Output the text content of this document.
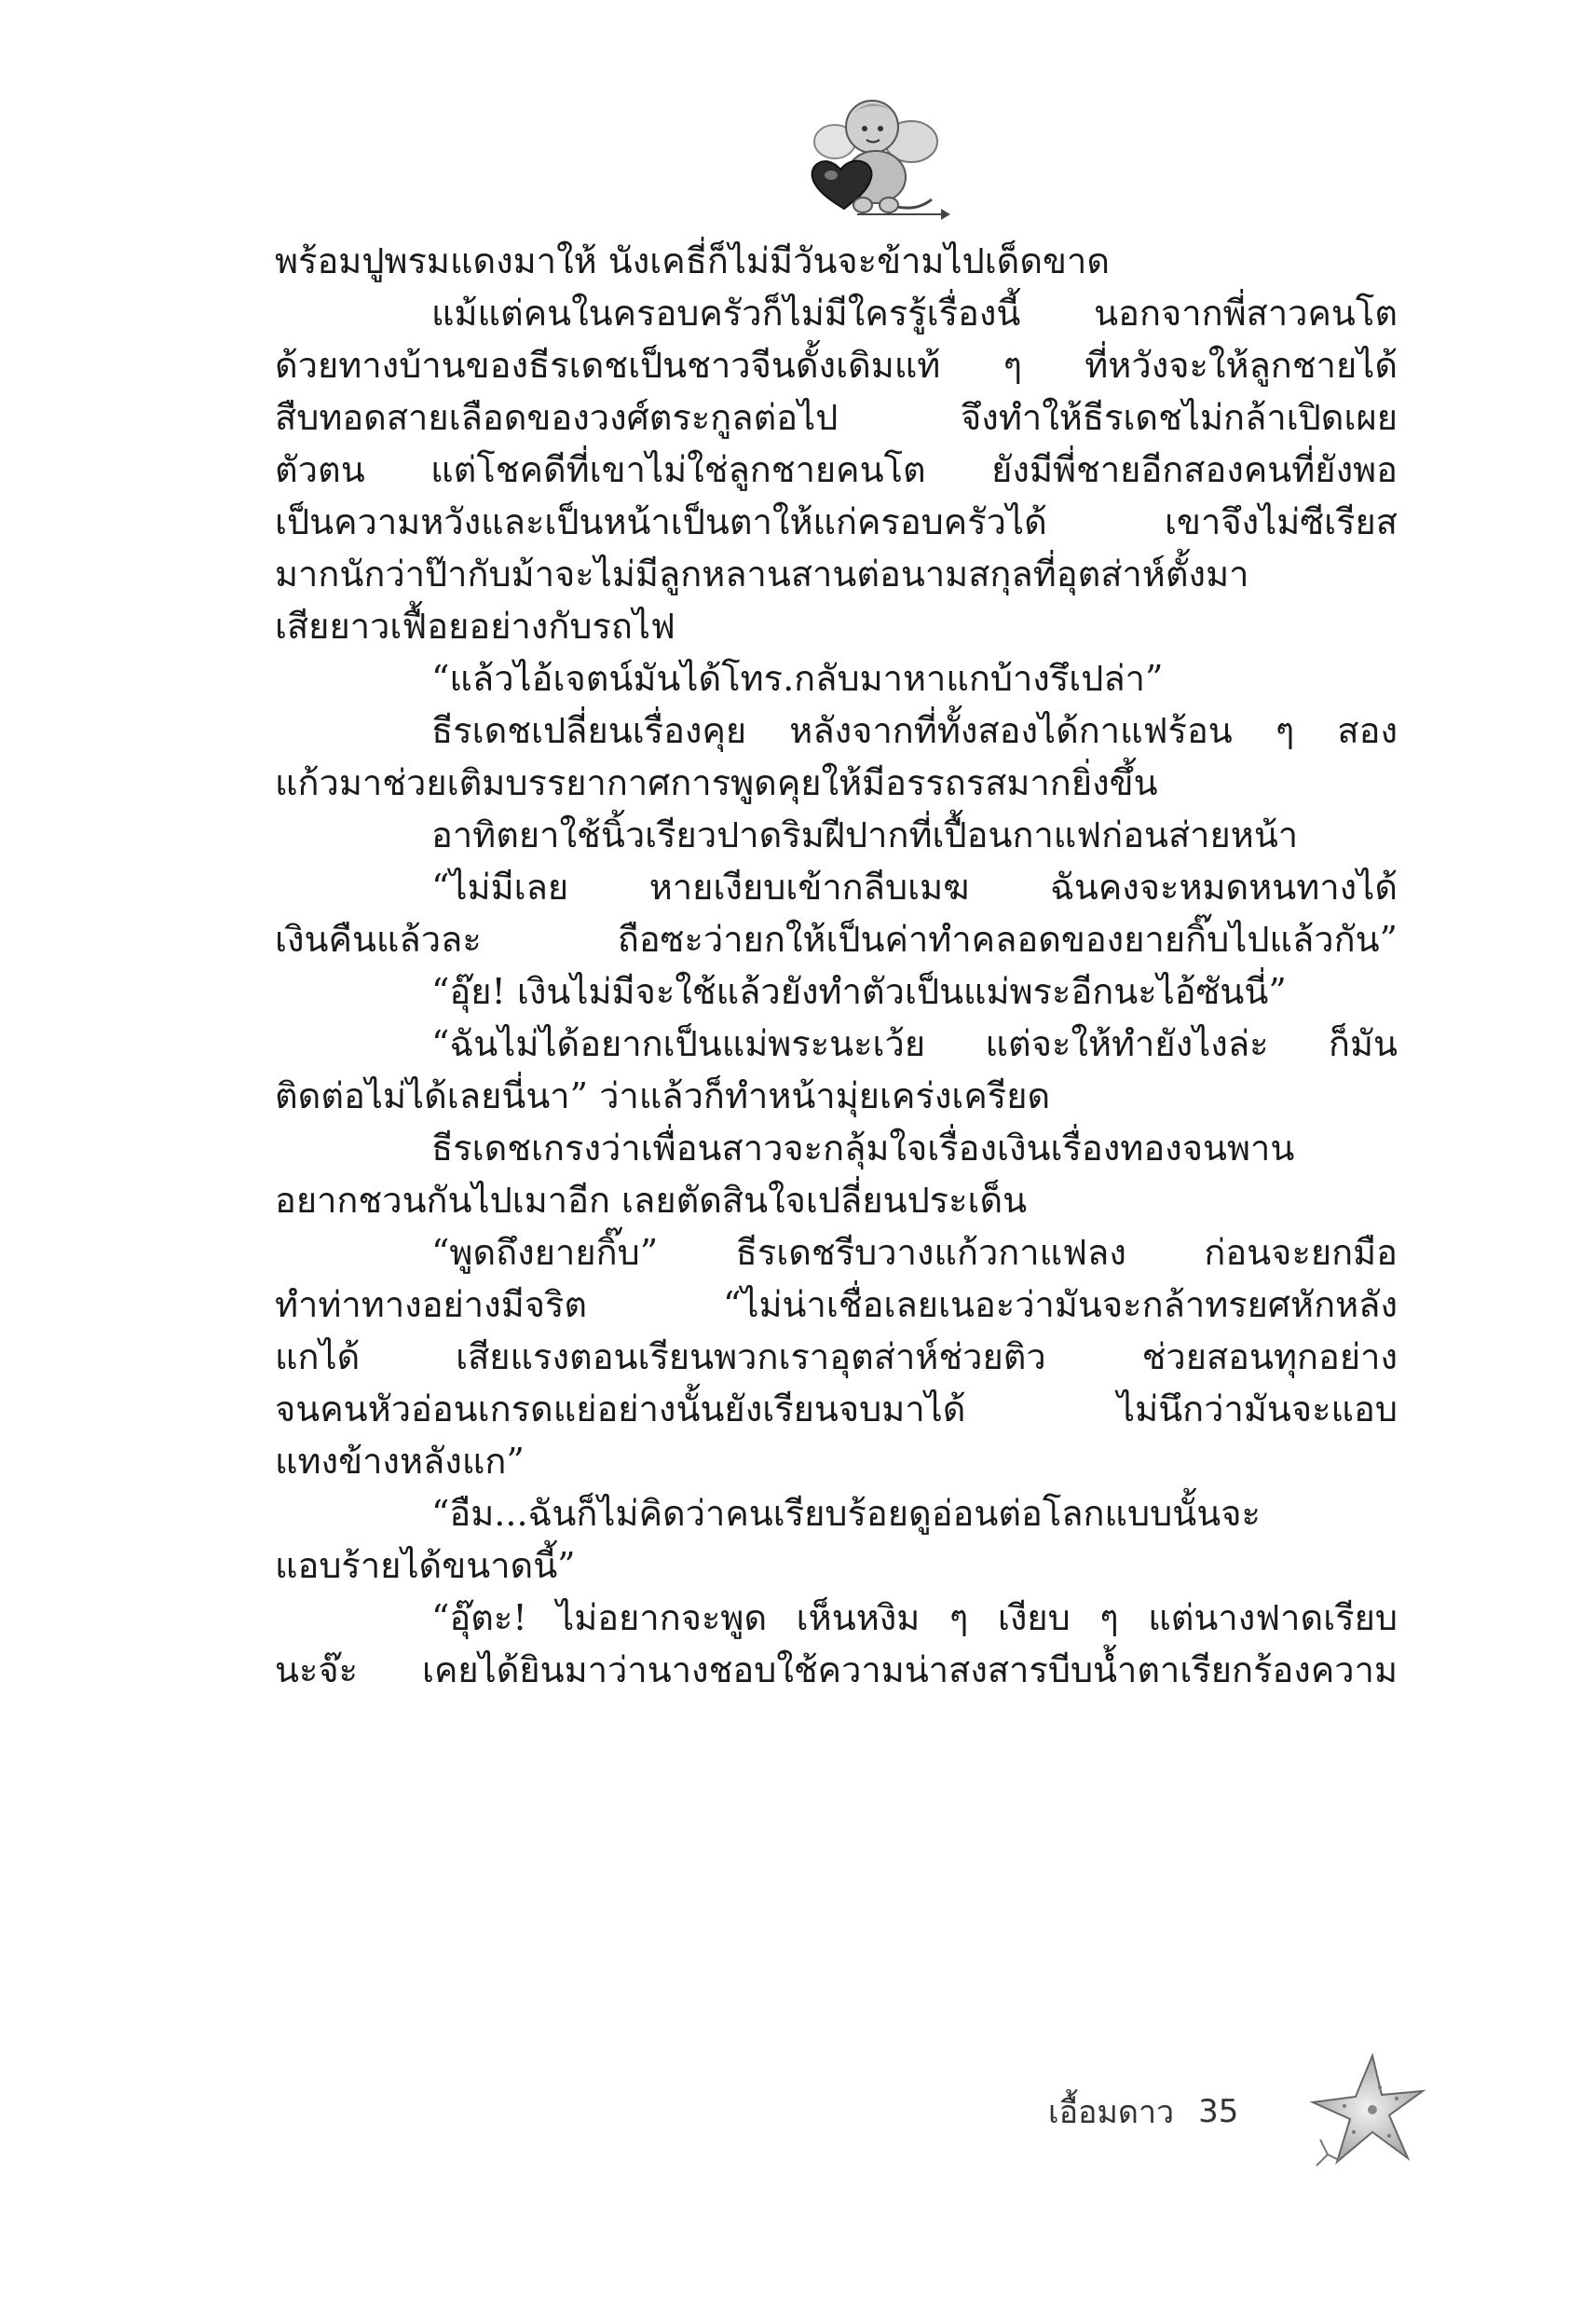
พร้อมปูพรมแดงมาให้ นังเคธี่ก็ไม่มีวันจะข้ามไปเด็ดขาด
แม้แต่คนในครอบครัวก็ไม่มีใครรู้เรื่องนี้ นอกจากพี่สาวคนโต
ด้วยทางบ้านของธีรเดชเป็นชาวจีนดั้งเดิมแท้ ๆ ที่หวังจะให้ลูกชายได้
สืบทอดสายเลือดของวงศ์ตระกูลต่อไป จึงทำให้ธีรเดชไม่กล้าเปิดเผย
ตัวตน แต่โชคดีที่เขาไม่ใช่ลูกชายคนโต ยังมีพี่ชายอีกสองคนที่ยังพอ
เป็นความหวังและเป็นหน้าเป็นตาให้แก่ครอบครัวได้ เขาจึงไม่ซีเรียส
มากนักว่าป๊ากับม้าจะไม่มีลูกหลานสานต่อนามสกุลที่อุตส่าห์ตั้งมา
เสียยาวเฟื้อยอย่างกับรถไฟ
“แล้วไอ้เจตน์มันได้โทร.กลับมาหาแกบ้างรึเปล่า”
ธีรเดชเปลี่ยนเรื่องคุย หลังจากที่ทั้งสองได้กาแฟร้อน ๆ สอง
แก้วมาช่วยเติมบรรยากาศการพูดคุยให้มีอรรถรสมากยิ่งขึ้น
อาทิตยาใช้นิ้วเรียวปาดริมฝีปากที่เปื้อนกาแฟก่อนส่ายหน้า
“ไม่มีเลย หายเงียบเข้ากลีบเมฆ ฉันคงจะหมดหนทางได้
เงินคืนแล้วละ ถือซะว่ายกให้เป็นค่าทำคลอดของยายกิ๊บไปแล้วกัน”
“อุ๊ย! เงินไม่มีจะใช้แล้วยังทำตัวเป็นแม่พระอีกนะไอ้ซันนี่”
“ฉันไม่ได้อยากเป็นแม่พระนะเว้ย แต่จะให้ทำยังไงล่ะ ก็มัน
ติดต่อไม่ได้เลยนี่นา” ว่าแล้วก็ทำหน้ามุ่ยเคร่งเครียด
ธีรเดชเกรงว่าเพื่อนสาวจะกลุ้มใจเรื่องเงินเรื่องทองจนพาน
อยากชวนกันไปเมาอีก เลยตัดสินใจเปลี่ยนประเด็น
“พูดถึงยายกิ๊บ” ธีรเดชรีบวางแก้วกาแฟลง ก่อนจะยกมือ
ทำท่าทางอย่างมีจริต “ไม่น่าเชื่อเลยเนอะว่ามันจะกล้าทรยศหักหลัง
แกได้ เสียแรงตอนเรียนพวกเราอุตส่าห์ช่วยติว ช่วยสอนทุกอย่าง
จนคนหัวอ่อนเกรดแย่อย่างนั้นยังเรียนจบมาได้ ไม่นึกว่ามันจะแอบ
แทงข้างหลังแก”
“อืม...ฉันก็ไม่คิดว่าคนเรียบร้อยดูอ่อนต่อโลกแบบนั้นจะ
แอบร้ายได้ขนาดนี้”
“อุ๊ตะ! ไม่อยากจะพูด เห็นหงิม ๆ เงียบ ๆ แต่นางฟาดเรียบ
นะจ๊ะ เคยได้ยินมาว่านางชอบใช้ความน่าสงสารบีบน้ำตาเรียกร้องความ
เอื้อมดาว 35
